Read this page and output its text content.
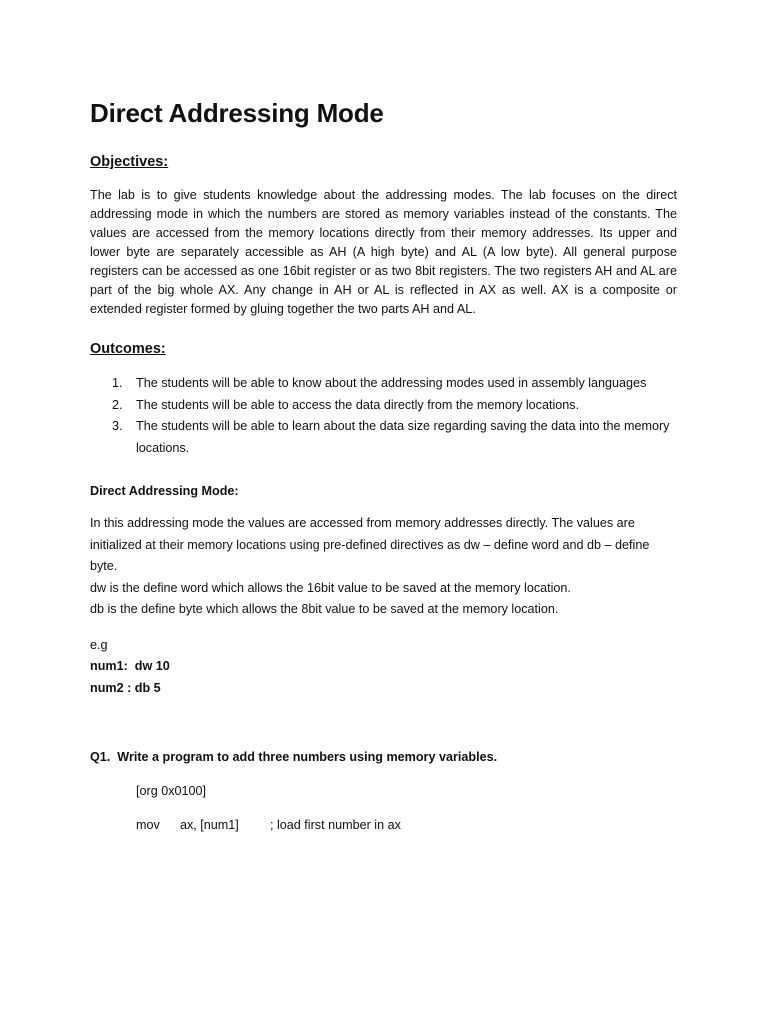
Direct Addressing Mode
Objectives:

The lab is to give students knowledge about the addressing modes. The lab focuses on the direct addressing mode in which the numbers are stored as memory variables instead of the constants. The values are accessed from the memory locations directly from their memory addresses. Its upper and lower byte are separately accessible as AH (A high byte) and AL (A low byte). All general purpose registers can be accessed as one 16bit register or as two 8bit registers. The two registers AH and AL are part of the big whole AX. Any change in AH or AL is reflected in AX as well. AX is a composite or extended register formed by gluing together the two parts AH and AL.

Outcomes:
1. The students will be able to know about the addressing modes used in assembly languages
2. The students will be able to access the data directly from the memory locations.
3. The students will be able to learn about the data size regarding saving the data into the memory locations.
Direct Addressing Mode:

In this addressing mode the values are accessed from memory addresses directly. The values are initialized at their memory locations using pre-defined directives as dw – define word and db – define byte.

dw is the define word which allows the 16bit value to be saved at the memory location.

db is the define byte which allows the 8bit value to be saved at the memory location.

e.g

num1:  dw 10

num2 : db 5

Q1.  Write a program to add three numbers using memory variables.
[org 0x0100]
mov ax, [num1] ; load first number in ax
